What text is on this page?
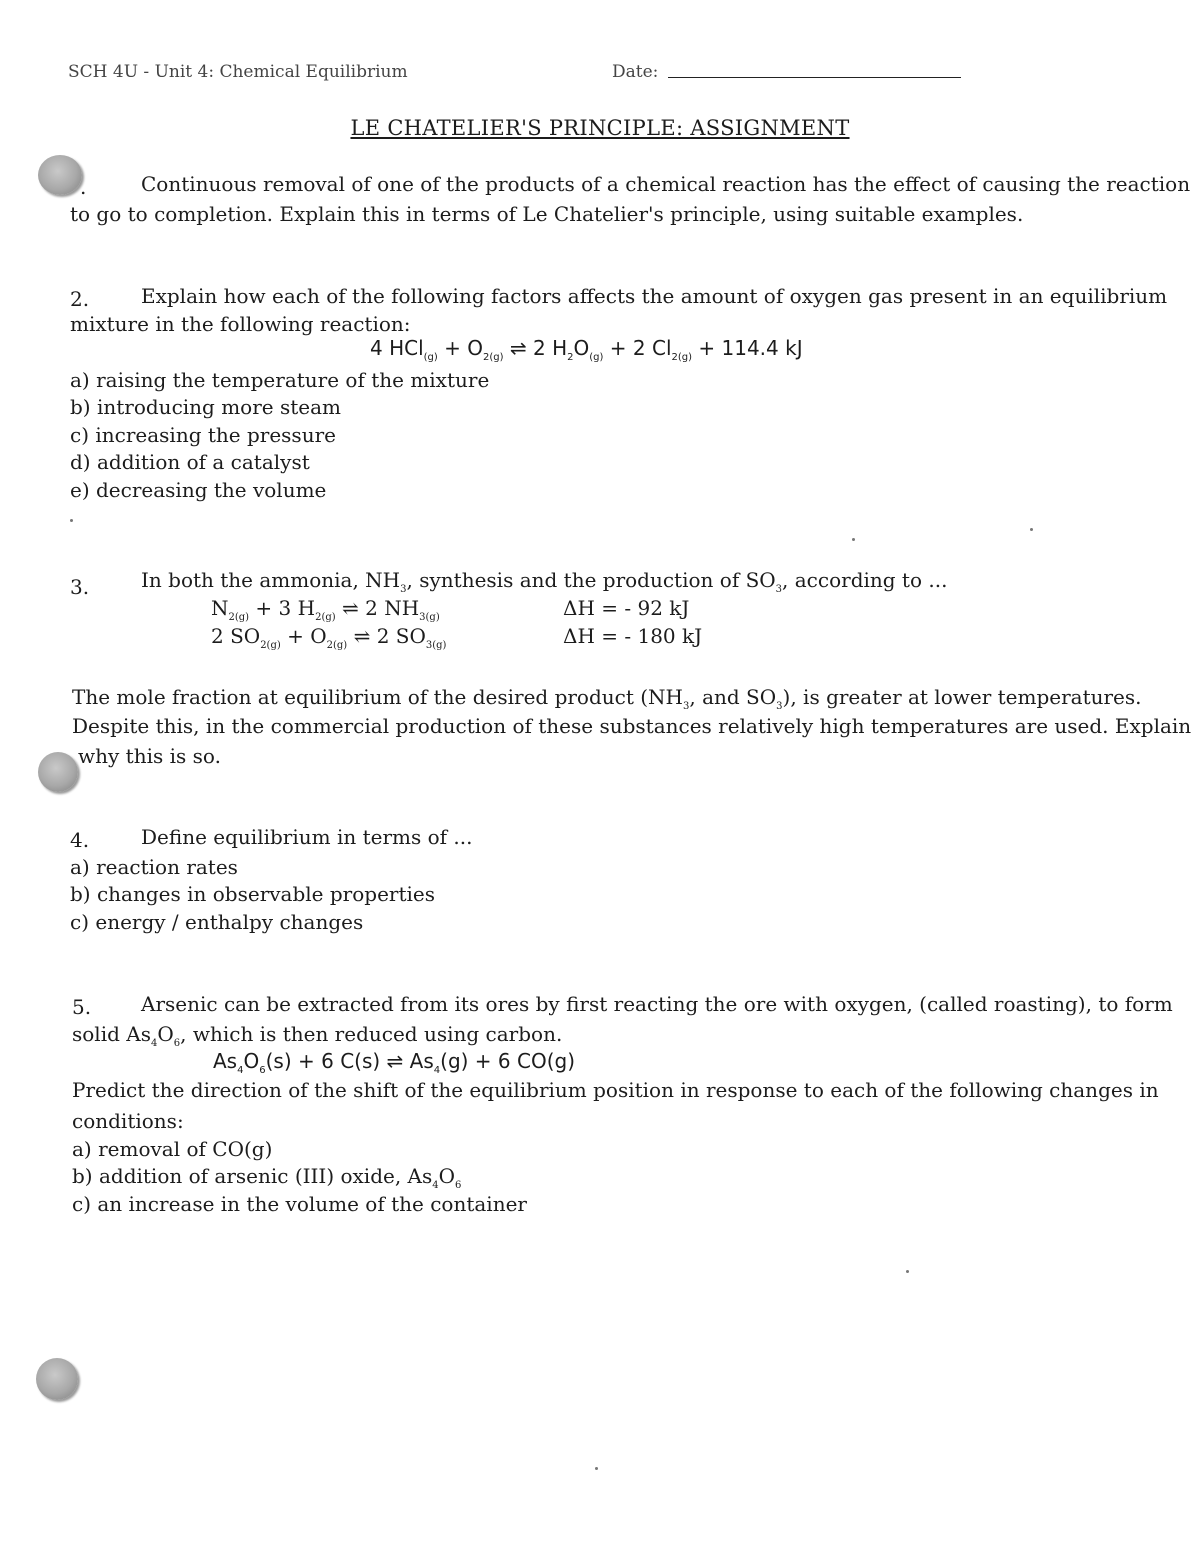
SCH 4U - Unit 4: Chemical Equilibrium	Date:
LE CHATELIER'S PRINCIPLE: ASSIGNMENT
.	Continuous removal of one of the products of a chemical reaction has the effect of causing the reaction
to go to completion. Explain this in terms of Le Chatelier's principle, using suitable examples.
2.	Explain how each of the following factors affects the amount of oxygen gas present in an equilibrium
mixture in the following reaction:
4 $HCl_{(g)} + O_{2(g)}$ ⇌ 2 $H_2O_{(g)} + 2$ $Cl_{2(g)} + 114.4$ kJ
a) raising the temperature of the mixture
b) introducing more steam
c) increasing the pressure
d) addition of a catalyst
e) decreasing the volume
3.	In both the ammonia, $NH_3$, synthesis and the production of $SO_3$, according to ...
$N_{2(g)} + 3$ $H_{2(g)}$ ⇌ 2 $NH_{3(g)}$	ΔH = - 92 kJ
2 $SO_{2(g)} + O_{2(g)}$ ⇌ 2 $SO_{3(g)}$	ΔH = - 180 kJ
The mole fraction at equilibrium of the desired product ($NH_3$, and $SO_3$), is greater at lower temperatures.
Despite this, in the commercial production of these substances relatively high temperatures are used. Explain
why this is so.
4.	Define equilibrium in terms of ...
a) reaction rates
b) changes in observable properties
c) energy / enthalpy changes
5. Arsenic can be extracted from its ores by first reacting the ore with oxygen, (called roasting), to form
solid $As_4O_6$, which is then reduced using carbon.
$As_4O_6(s) + 6$ C(s) ⇌ $As_4(g) + 6$ CO(g)
Predict the direction of the shift of the equilibrium position in response to each of the following changes in
conditions:
a) removal of CO(g)
b) addition of arsenic (III) oxide, $As_4O_6$
c) an increase in the volume of the container
